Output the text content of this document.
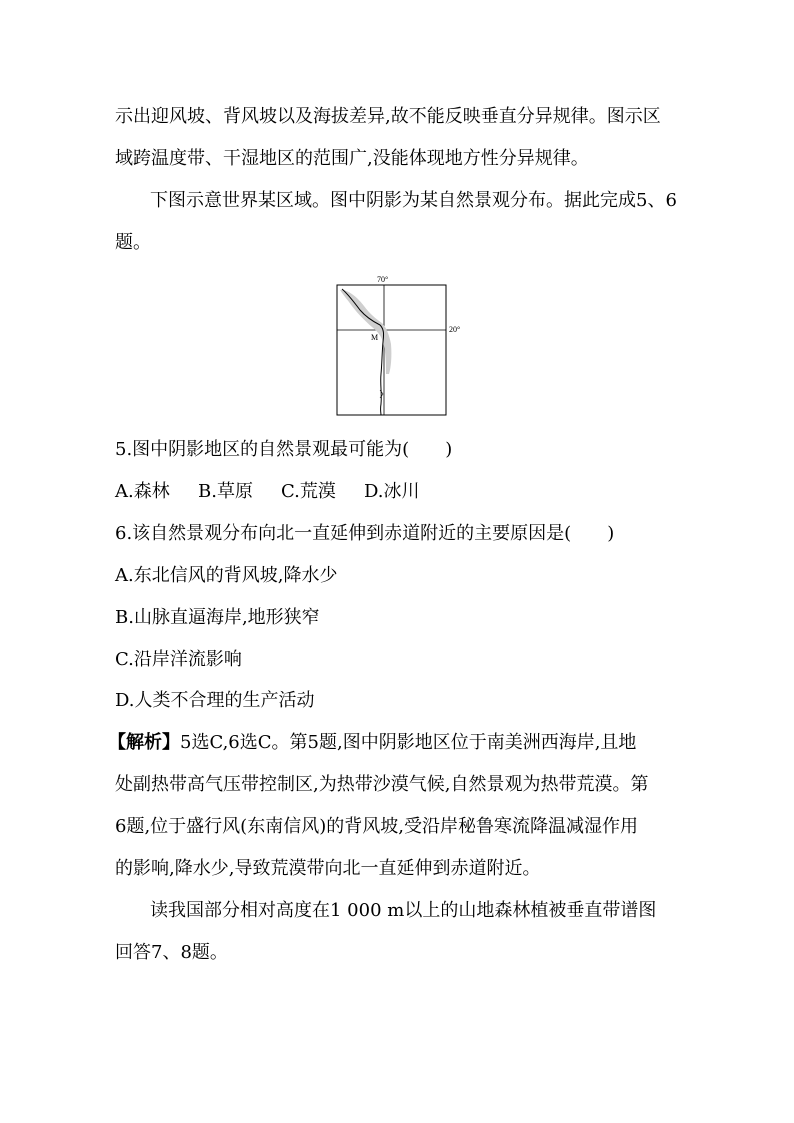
示出迎风坡、背风坡以及海拔差异,故不能反映垂直分异规律。图示区
域跨温度带、干湿地区的范围广,没能体现地方性分异规律。
下图示意世界某区域。图中阴影为某自然景观分布。据此完成5、6
题。
70°
20°
M
5.图中阴影地区的自然景观最可能为(　　)
A.森林 B.草原 C.荒漠 D.冰川
6.该自然景观分布向北一直延伸到赤道附近的主要原因是(　　)
A.东北信风的背风坡,降水少
B.山脉直逼海岸,地形狭窄
C.沿岸洋流影响
D.人类不合理的生产活动
【解析】5选C,6选C。第5题,图中阴影地区位于南美洲西海岸,且地
处副热带高气压带控制区,为热带沙漠气候,自然景观为热带荒漠。第
6题,位于盛行风(东南信风)的背风坡,受沿岸秘鲁寒流降温减湿作用
的影响,降水少,导致荒漠带向北一直延伸到赤道附近。
读我国部分相对高度在1 000 m以上的山地森林植被垂直带谱图
回答7、8题。
